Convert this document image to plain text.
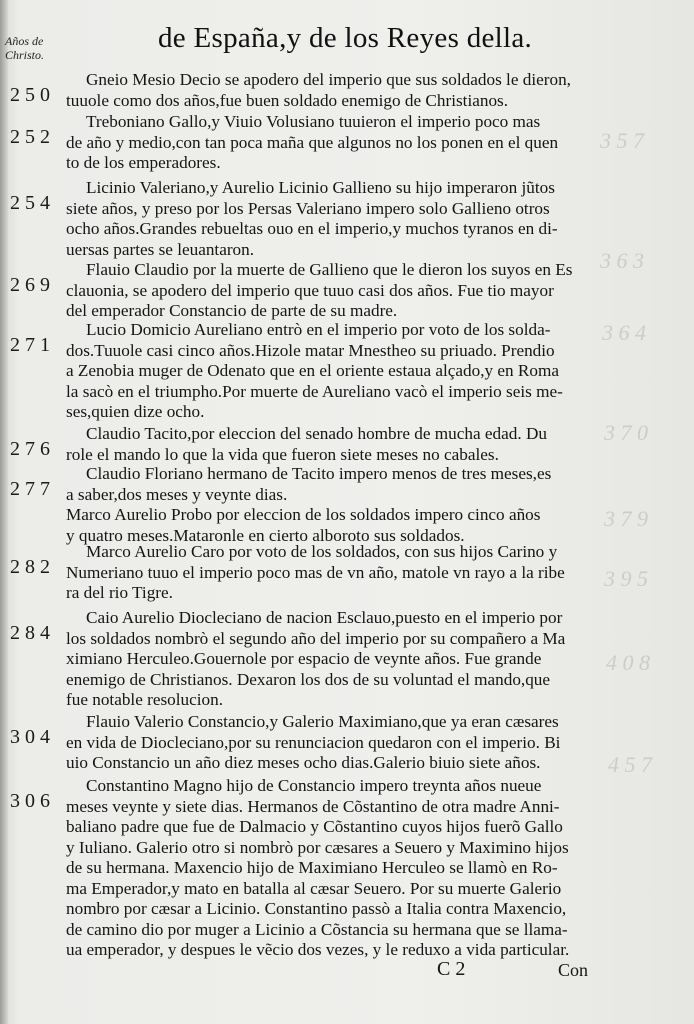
3 5 7
3 6 3
3 6 4
3 7 0
3 7 9
3 9 5
4 0 8
4 5 7
Años de
Christo.
de España,y de los Reyes della.
250
Gneio Mesio Decio se apodero del imperio que sus soldados le dieron,
tuuole como dos años,fue buen soldado enemigo de Christianos.
252
Treboniano Gallo,y Viuio Volusiano tuuieron el imperio poco mas
de año y medio,con tan poca maña que algunos no los ponen en el quen
to de los emperadores.
254
Licinio Valeriano,y Aurelio Licinio Gallieno su hijo imperaron jũtos
siete años, y preso por los Persas Valeriano impero solo Gallieno otros
ocho años.Grandes rebueltas ouo en el imperio,y muchos tyranos en di-
uersas partes se leuantaron.
269
Flauio Claudio por la muerte de Gallieno que le dieron los suyos en Es
clauonia, se apodero del imperio que tuuo casi dos años. Fue tio mayor
del emperador Constancio de parte de su madre.
271
Lucio Domicio Aureliano entrò en el imperio por voto de los solda-
dos.Tuuole casi cinco años.Hizole matar Mnestheo su priuado. Prendio
a Zenobia muger de Odenato que en el oriente estaua alçado,y en Roma
la sacò en el triumpho.Por muerte de Aureliano vacò el imperio seis me-
ses,quien dize ocho.
276
Claudio Tacito,por eleccion del senado hombre de mucha edad. Du
role el mando lo que la vida que fueron siete meses no cabales.
277
Claudio Floriano hermano de Tacito impero menos de tres meses,es
a saber,dos meses y veynte dias.
Marco Aurelio Probo por eleccion de los soldados impero cinco años
y quatro meses.Mataronle en cierto alboroto sus soldados.
282
Marco Aurelio Caro por voto de los soldados, con sus hijos Carino y
Numeriano tuuo el imperio poco mas de vn año, matole vn rayo a la ribe
ra del rio Tigre.
284
Caio Aurelio Diocleciano de nacion Esclauo,puesto en el imperio por
los soldados nombrò el segundo año del imperio por su compañero a Ma
ximiano Herculeo.Gouernole por espacio de veynte años. Fue grande
enemigo de Christianos. Dexaron los dos de su voluntad el mando,que
fue notable resolucion.
304
Flauio Valerio Constancio,y Galerio Maximiano,que ya eran cæsares
en vida de Diocleciano,por su renunciacion quedaron con el imperio. Bi
uio Constancio un año diez meses ocho dias.Galerio biuio siete años.
306
Constantino Magno hijo de Constancio impero treynta años nueue
meses veynte y siete dias. Hermanos de Cõstantino de otra madre Anni-
baliano padre que fue de Dalmacio y Cõstantino cuyos hijos fuerõ Gallo
y Iuliano. Galerio otro si nombrò por cæsares a Seuero y Maximino hijos
de su hermana. Maxencio hijo de Maximiano Herculeo se llamò en Ro-
ma Emperador,y mato en batalla al cæsar Seuero. Por su muerte Galerio
nombro por cæsar a Licinio. Constantino passò a Italia contra Maxencio,
de camino dio por muger a Licinio a Cõstancia su hermana que se llama-
ua emperador, y despues le vẽcio dos vezes, y le reduxo a vida particular.
C 2	Con
